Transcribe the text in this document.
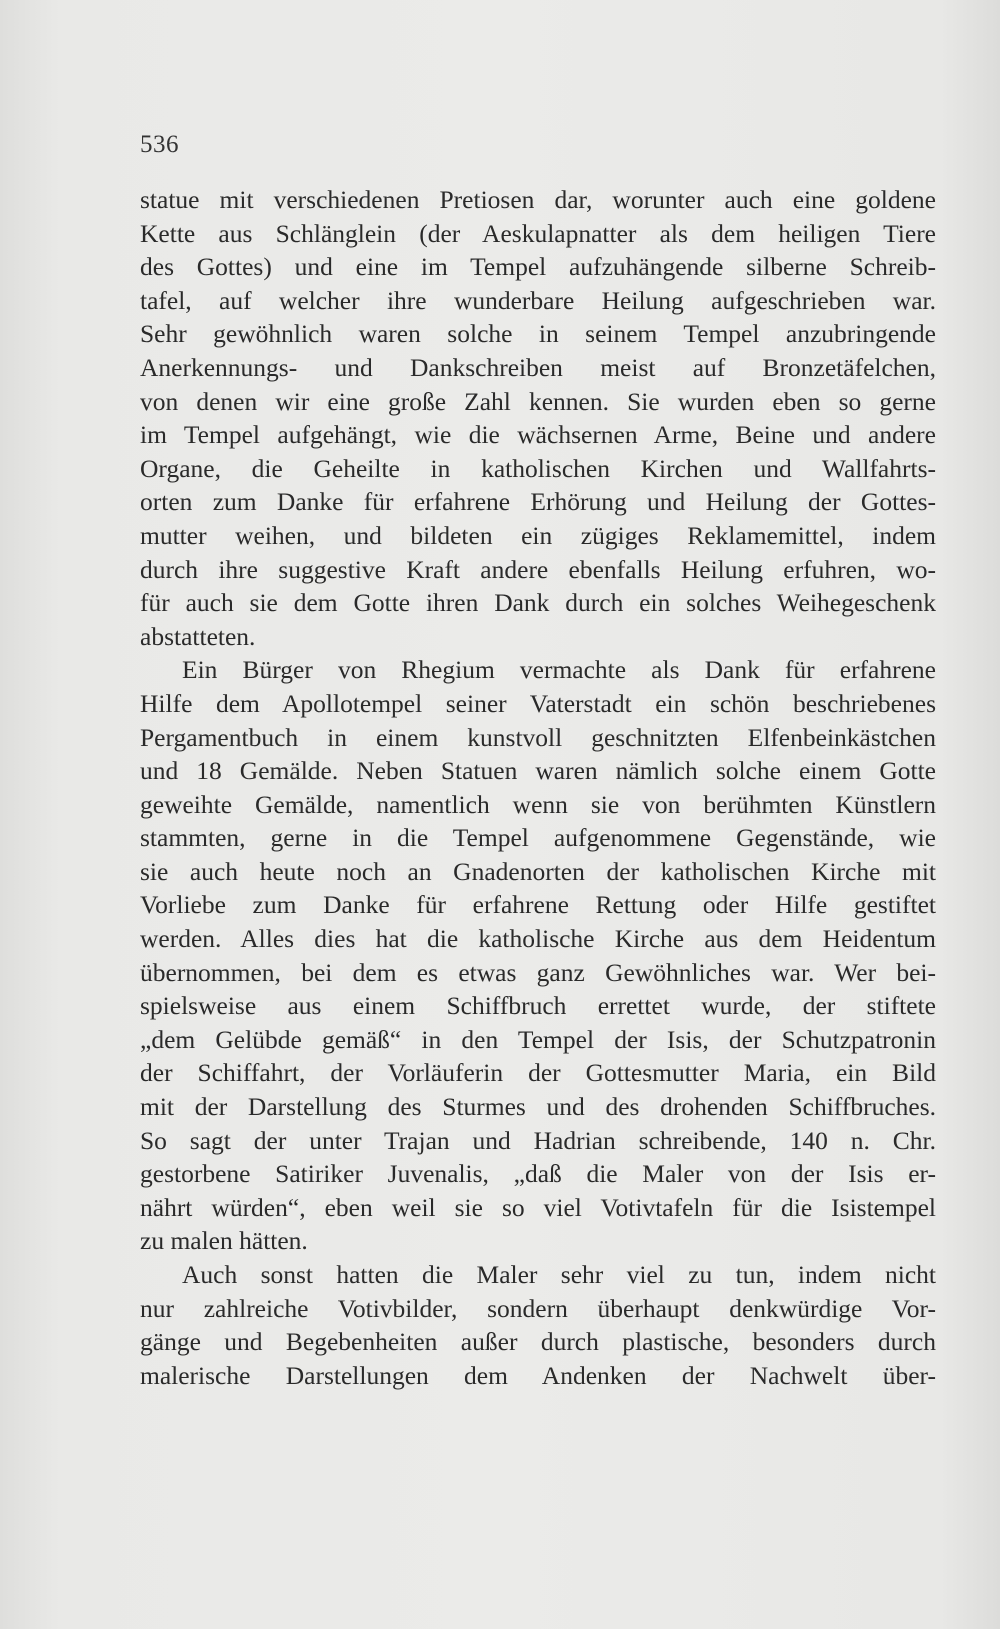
536
statue mit verschiedenen Pretiosen dar, worunter auch eine goldene
Kette aus Schlänglein (der Aeskulapnatter als dem heiligen Tiere
des Gottes) und eine im Tempel aufzuhängende silberne Schreib-
tafel, auf welcher ihre wunderbare Heilung aufgeschrieben war.
Sehr gewöhnlich waren solche in seinem Tempel anzubringende
Anerkennungs- und Dankschreiben meist auf Bronzetäfelchen,
von denen wir eine große Zahl kennen. Sie wurden eben so gerne
im Tempel aufgehängt, wie die wächsernen Arme, Beine und andere
Organe, die Geheilte in katholischen Kirchen und Wallfahrts-
orten zum Danke für erfahrene Erhörung und Heilung der Gottes-
mutter weihen, und bildeten ein zügiges Reklamemittel, indem
durch ihre suggestive Kraft andere ebenfalls Heilung erfuhren, wo-
für auch sie dem Gotte ihren Dank durch ein solches Weihegeschenk
abstatteten.
Ein Bürger von Rhegium vermachte als Dank für erfahrene
Hilfe dem Apollotempel seiner Vaterstadt ein schön beschriebenes
Pergamentbuch in einem kunstvoll geschnitzten Elfenbeinkästchen
und 18 Gemälde. Neben Statuen waren nämlich solche einem Gotte
geweihte Gemälde, namentlich wenn sie von berühmten Künstlern
stammten, gerne in die Tempel aufgenommene Gegenstände, wie
sie auch heute noch an Gnadenorten der katholischen Kirche mit
Vorliebe zum Danke für erfahrene Rettung oder Hilfe gestiftet
werden. Alles dies hat die katholische Kirche aus dem Heidentum
übernommen, bei dem es etwas ganz Gewöhnliches war. Wer bei-
spielsweise aus einem Schiffbruch errettet wurde, der stiftete
„dem Gelübde gemäß“ in den Tempel der Isis, der Schutzpatronin
der Schiffahrt, der Vorläuferin der Gottesmutter Maria, ein Bild
mit der Darstellung des Sturmes und des drohenden Schiffbruches.
So sagt der unter Trajan und Hadrian schreibende, 140 n. Chr.
gestorbene Satiriker Juvenalis, „daß die Maler von der Isis er-
nährt würden“, eben weil sie so viel Votivtafeln für die Isistempel
zu malen hätten.
Auch sonst hatten die Maler sehr viel zu tun, indem nicht
nur zahlreiche Votivbilder, sondern überhaupt denkwürdige Vor-
gänge und Begebenheiten außer durch plastische, besonders durch
malerische Darstellungen dem Andenken der Nachwelt über-
